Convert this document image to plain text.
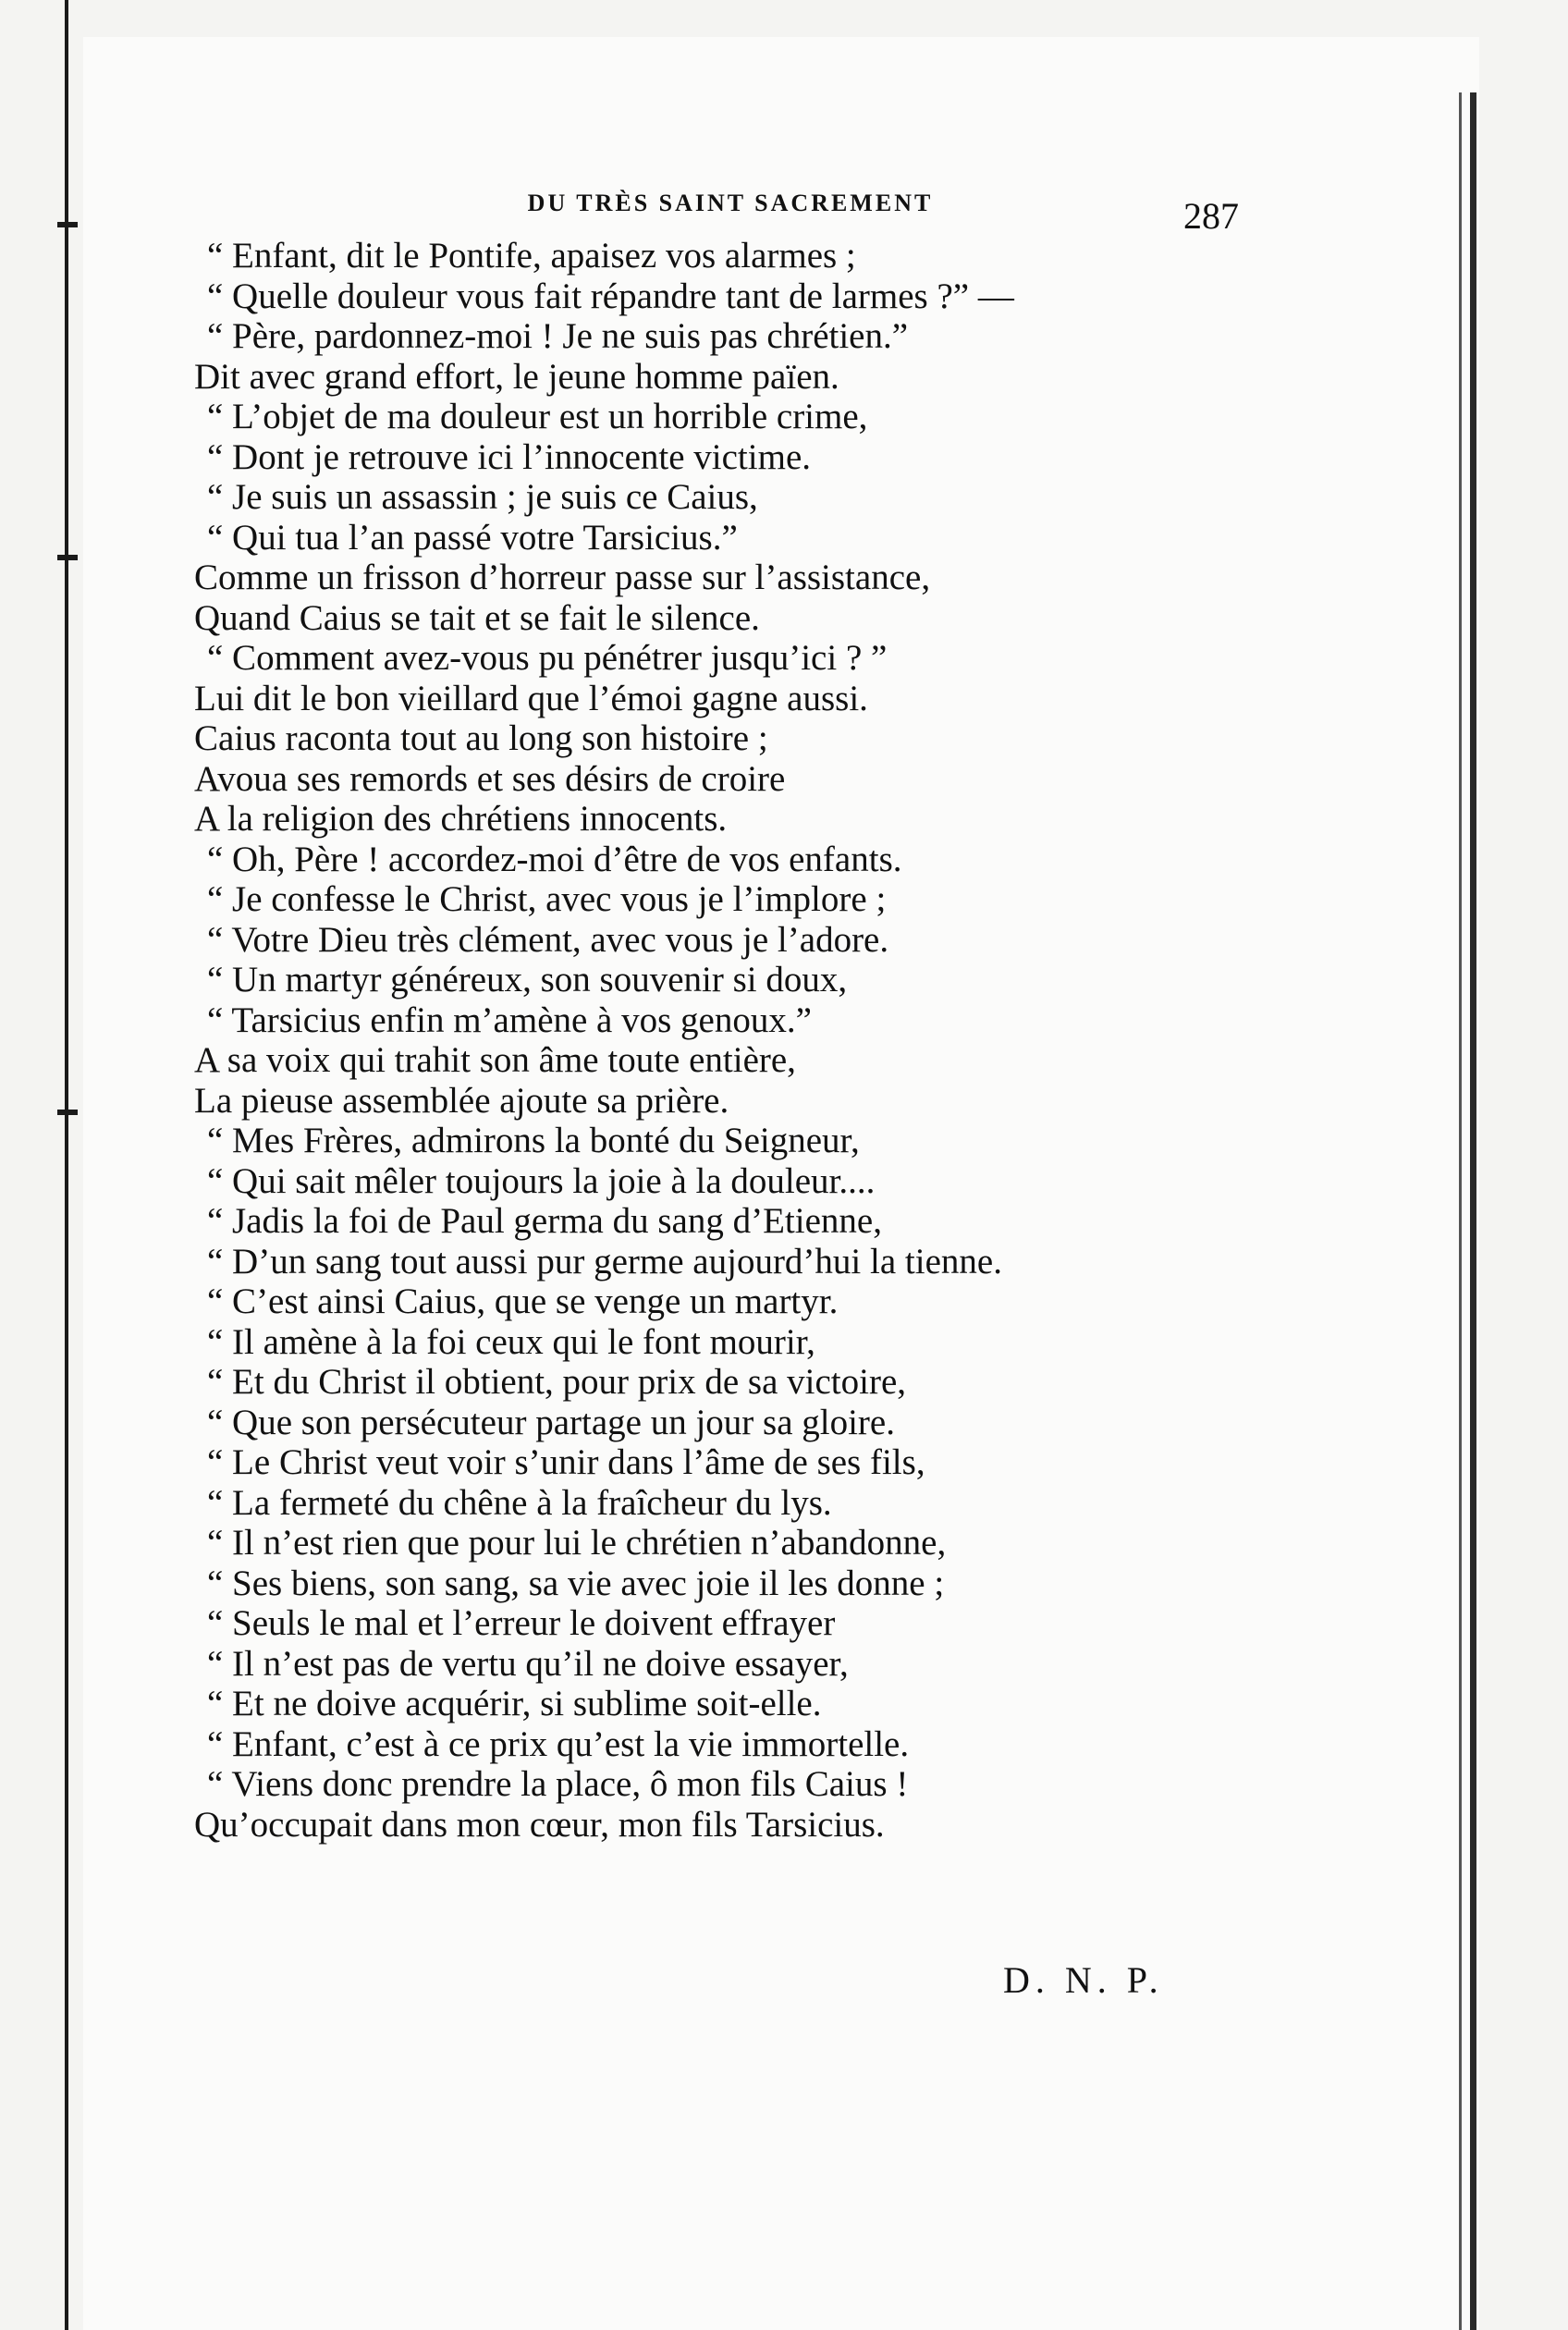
DU TRÈS SAINT SACREMENT	287
“ Enfant, dit le Pontife, apaisez vos alarmes ;
“ Quelle douleur vous fait répandre tant de larmes ?” —
“ Père, pardonnez-moi ! Je ne suis pas chrétien.”
Dit avec grand effort, le jeune homme païen.
“ L’objet de ma douleur est un horrible crime,
“ Dont je retrouve ici l’innocente victime.
“ Je suis un assassin ; je suis ce Caius,
“ Qui tua l’an passé votre Tarsicius.”
Comme un frisson d’horreur passe sur l’assistance,
Quand Caius se tait et se fait le silence.
“ Comment avez-vous pu pénétrer jusqu’ici ? ”
Lui dit le bon vieillard que l’émoi gagne aussi.
Caius raconta tout au long son histoire ;
Avoua ses remords et ses désirs de croire
A la religion des chrétiens innocents.
“ Oh, Père ! accordez-moi d’être de vos enfants.
“ Je confesse le Christ, avec vous je l’implore ;
“ Votre Dieu très clément, avec vous je l’adore.
“ Un martyr généreux, son souvenir si doux,
“ Tarsicius enfin m’amène à vos genoux.”
A sa voix qui trahit son âme toute entière,
La pieuse assemblée ajoute sa prière.
“ Mes Frères, admirons la bonté du Seigneur,
“ Qui sait mêler toujours la joie à la douleur....
“ Jadis la foi de Paul germa du sang d’Etienne,
“ D’un sang tout aussi pur germe aujourd’hui la tienne.
“ C’est ainsi Caius, que se venge un martyr.
“ Il amène à la foi ceux qui le font mourir,
“ Et du Christ il obtient, pour prix de sa victoire,
“ Que son persécuteur partage un jour sa gloire.
“ Le Christ veut voir s’unir dans l’âme de ses fils,
“ La fermeté du chêne à la fraîcheur du lys.
“ Il n’est rien que pour lui le chrétien n’abandonne,
“ Ses biens, son sang, sa vie avec joie il les donne ;
“ Seuls le mal et l’erreur le doivent effrayer
“ Il n’est pas de vertu qu’il ne doive essayer,
“ Et ne doive acquérir, si sublime soit-elle.
“ Enfant, c’est à ce prix qu’est la vie immortelle.
“ Viens donc prendre la place, ô mon fils Caius !
Qu’occupait dans mon cœur, mon fils Tarsicius.
D. N. P.
